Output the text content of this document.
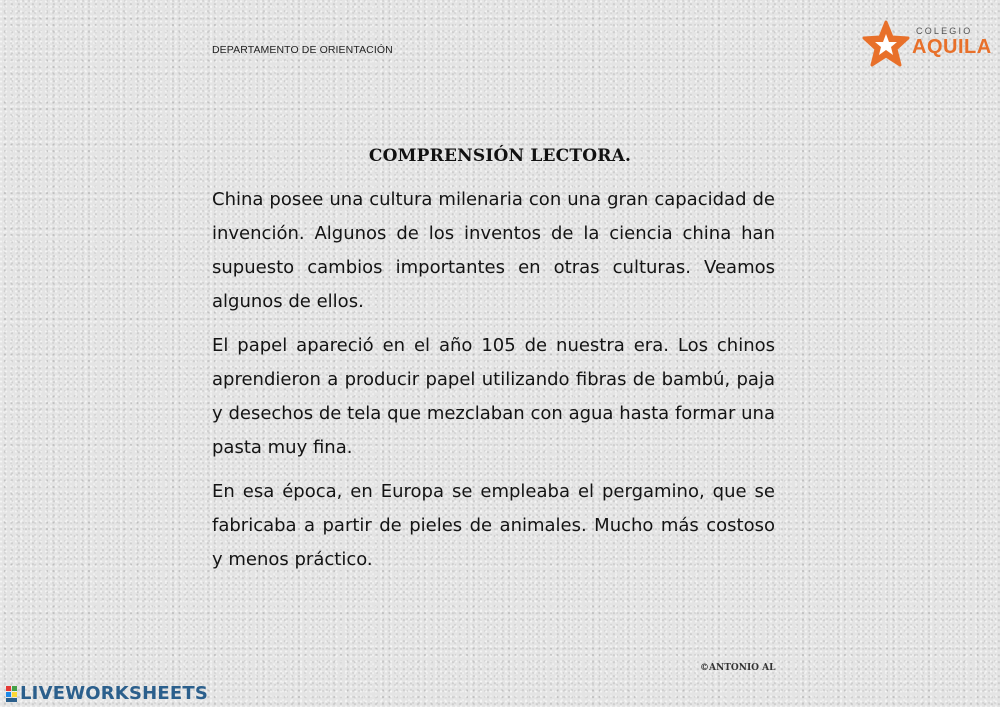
DEPARTAMENTO DE ORIENTACIÓN
COLEGIO
AQUILA
COMPRENSIÓN LECTORA.

China posee una cultura milenaria con una gran capacidad de invención. Algunos de los inventos de la ciencia china han supuesto cambios importantes en otras culturas. Veamos algunos de ellos.

El papel apareció en el año 105 de nuestra era. Los chinos aprendieron a producir papel utilizando fibras de bambú, paja y desechos de tela que mezclaban con agua hasta formar una pasta muy fina.

En esa época, en Europa se empleaba el pergamino, que se fabricaba a partir de pieles de animales. Mucho más costoso y menos práctico.

©ANTONIO AL
LIVEWORKSHEETS
